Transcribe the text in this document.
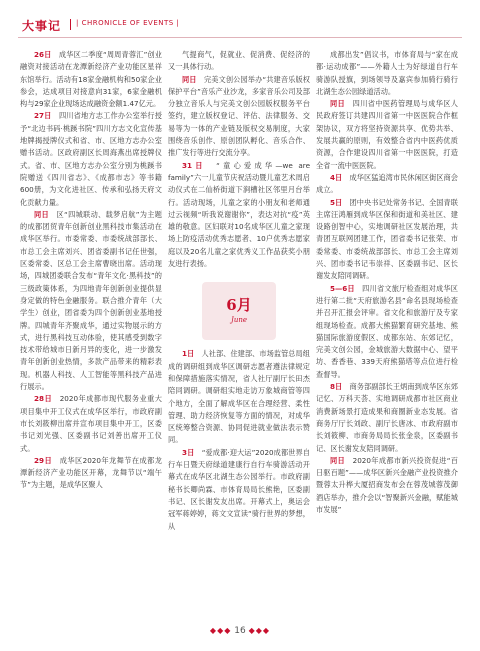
大事记 | CHRONICLE OF EVENTS |

26日　 成华区二季度“周周青蓉汇”创业融资对接活动在龙潭新经济产业功能区星祥东馆举行。活动有18家金融机构和50家企业参会，达成项目对接意向31家，6家金融机构与29家企业现场达成融资金额1.47亿元。

27日　 四川省地方志工作办公室举行授予“北边书码·桃蹊书院”四川方志文化宣传基地牌揭授牌仪式和省、市、区地方志办公室赠书活动。区政府副区长周海燕出席授牌仪式。省、市、区地方志办公室分别为桃蹊书院赠送《四川省志》、《成都市志》等书籍600册，为文化进社区、传承和弘扬天府文化贡献力量。

同日　 区“四城联动、载梦启航”为主题的成都团贸青年创新创业黑科技市集活动在成华区举行。市委常委、市委统战部部长、市总工会主席刘兴、团省委副书记任世强，区委常委、区总工会主席曹晓出席。活动现场，四城团委联合发布“青年文化·黑科技”的三级政策体系，为四地青年创新创业提供显身定做的特色金融服务。联合推介青年（大学生）创业，团省委为四个创新创业基地授牌。四城青年齐聚成华，通过实物展示的方式，进行黑科技互动体验，使其感受到数字技术带给城市日新月异的变化，进一步激发青年创新创业热情，多款产品带来的精彩表现。机器人科技、人工智能等黑科技产品进行展示。

28日　 2020年成都市现代服务业重大项目集中开工仪式在成华区举行，市政府副市长刘筱柳出席并宣布项目集中开工，区委书记刘光强、区委副书记刘善出席开工仪式。

29日　 成华区2020年龙舞节在成都龙潭新经济产业功能区开幕，龙舞节以“端午节”为主题，是成华区聚人

气提商气，促就业、促消费、促经济的又一具体行动。

同日　 完美文创公园举办“共建音乐版权保护平台”音乐产业沙龙，多家音乐公司及部分独立音乐人与完美文创公园版权服务平台签约，建立版权登记、评估、法律服务、交易等为一体的产业链及版权交易制度，大家围绕音乐创作、原创团队孵化、音乐合作、推广发行等进行交流分享。

31日　 “童心爱成华—we are family”六一儿童节庆祝活动暨儿童艺术周启动仪式在二仙桥街道下涧槽社区邻里月台举行。活动现场，儿童之家的小朋友和老师通过云视频“听我说谢谢你”，表达对抗“疫”英雄的敬意。区妇联对10名成华区儿童之家现场上防疫活动优秀志愿者、10户优秀志愿家庭以及20名儿童之家优秀义工作品获奖小朋友进行表扬。

6月
June

1日　 人社部、住建部、市场监管总局组成的调研组到成华区调研志愿者遵法律规定和保障措施落实情况，省人社厅副厅长田杰陪同调研。调研组实地走访万象城商管等四个地方，全面了解成华区在合理经营、柔性管理、助力经济恢复等方面的情况，对成华区统筹整合资源、协同促进就业做法表示赞同。

3日　 “爱成都·迎大运”2020成都世界自行车日暨天府绿道建康行自行车骑游活动开幕式在成华区北湖生态公园举行。市政府副秘书长卿尚霖、市体育局局长熊艳，区委副书记、区长谢发友出席。开幕式上，奥运会冠军蒋婷婷，蒋文文宣读“骑行世界的梦想，从

成都出发”倡议书，市体育局与“家在成都·运动成都”——外籍人士为好绿道自行车骑游队授旗，到场领导及嘉宾参加骑行骑行北湖生态公园绿道活动。

同日　 四川省中医药管理局与成华区人民政府签订共建四川省第一中医医院合作框架协议，双方将坚持资源共享、优势共举、发展共赢的原则，有效整合省内中医药优质资源，合作建设四川省第一中医医院，打造全省一流中医医院。

4日　 成华区猛追湾市民休闲区街区商会成立。

5日　 团中央书记处常务书记、全国青联主席汪鸿雁到成华区保和街道和美社区、建设路创智中心，实地调研社区发展治理，共青团互联网团建工作，团省委书记张荣、市委常委、市委统战部部长、市总工会主席刘兴、团市委书记韦崇祥、区委副书记、区长谢发友陪同调研。

5—6日　 四川省文旅厅检查组对成华区进行第二批“天府旅游名县”命名县现场检查并召开汇报会评审。省文化和旅游厅及专家组现场检查。成都大熊猫繁育研究基地、熊猫国际旅游度假区、成都东站、东郊记忆，完美文创公园，金城旅游大数据中心、望平坊、香香巷、339天府熊猫塔等点位进行检查督导。

8日　 商务部副部长王炳南到成华区东郊记忆、万科天荟、实地调研成都市社区商业消费新场景打造成果和商圈新业态发展。省商务厅厅长刘政、副厅长唐冰、市政府副市长刘筱柳、市商务局局长张金泉，区委副书记、区长谢发友陪同调研。

同日　 2020年成都市新兴投资促进“百日驱百题”——成华区新兴金融产业投资推介暨蓉太升桦大厦招商发布会在蓉茂城蓉茂御酒店举办，推介会以“智聚新兴金融，赋能城市发展”

◆◆◆ 16 ◆◆◆
